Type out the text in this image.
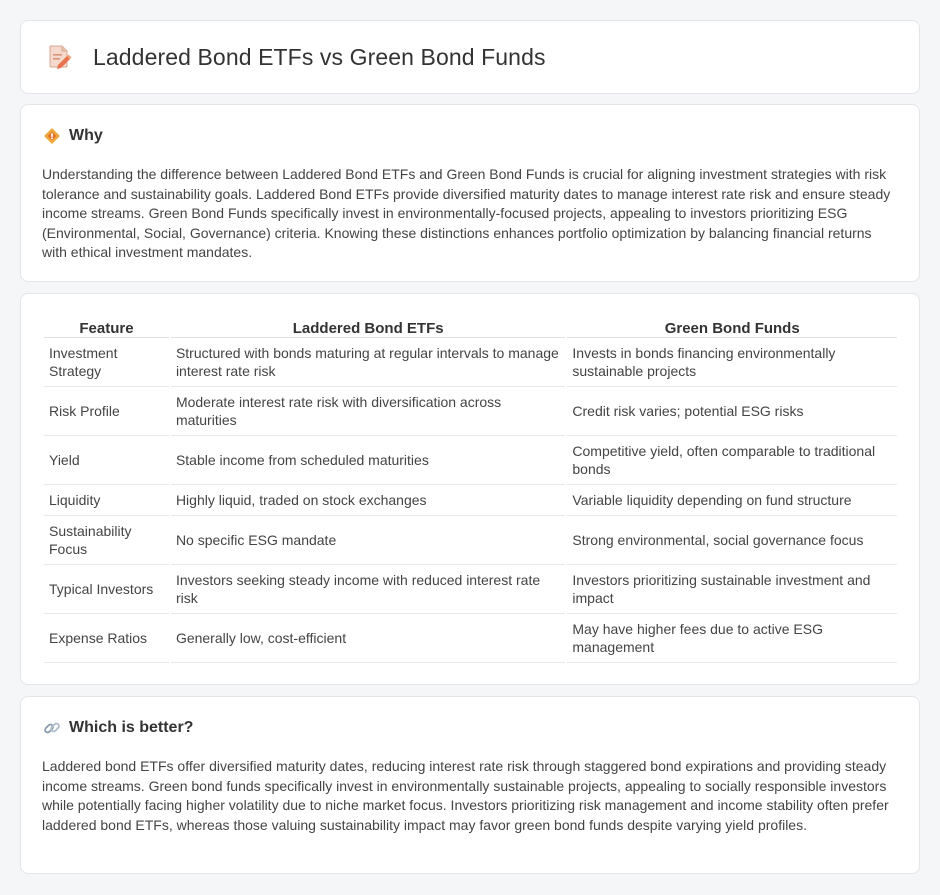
Laddered Bond ETFs vs Green Bond Funds
Why

Understanding the difference between Laddered Bond ETFs and Green Bond Funds is crucial for aligning investment strategies with risk tolerance and sustainability goals. Laddered Bond ETFs provide diversified maturity dates to manage interest rate risk and ensure steady income streams. Green Bond Funds specifically invest in environmentally-focused projects, appealing to investors prioritizing ESG (Environmental, Social, Governance) criteria. Knowing these distinctions enhances portfolio optimization by balancing financial returns with ethical investment mandates.

Feature	Laddered Bond ETFs	Green Bond Funds
Investment Strategy	Structured with bonds maturing at regular intervals to manage interest rate risk	Invests in bonds financing environmentally sustainable projects
Risk Profile	Moderate interest rate risk with diversification across maturities	Credit risk varies; potential ESG risks
Yield	Stable income from scheduled maturities	Competitive yield, often comparable to traditional bonds
Liquidity	Highly liquid, traded on stock exchanges	Variable liquidity depending on fund structure
Sustainability Focus	No specific ESG mandate	Strong environmental, social governance focus
Typical Investors	Investors seeking steady income with reduced interest rate risk	Investors prioritizing sustainable investment and impact
Expense Ratios	Generally low, cost-efficient	May have higher fees due to active ESG management
Which is better?

Laddered bond ETFs offer diversified maturity dates, reducing interest rate risk through staggered bond expirations and providing steady income streams. Green bond funds specifically invest in environmentally sustainable projects, appealing to socially responsible investors while potentially facing higher volatility due to niche market focus. Investors prioritizing risk management and income stability often prefer laddered bond ETFs, whereas those valuing sustainability impact may favor green bond funds despite varying yield profiles.
